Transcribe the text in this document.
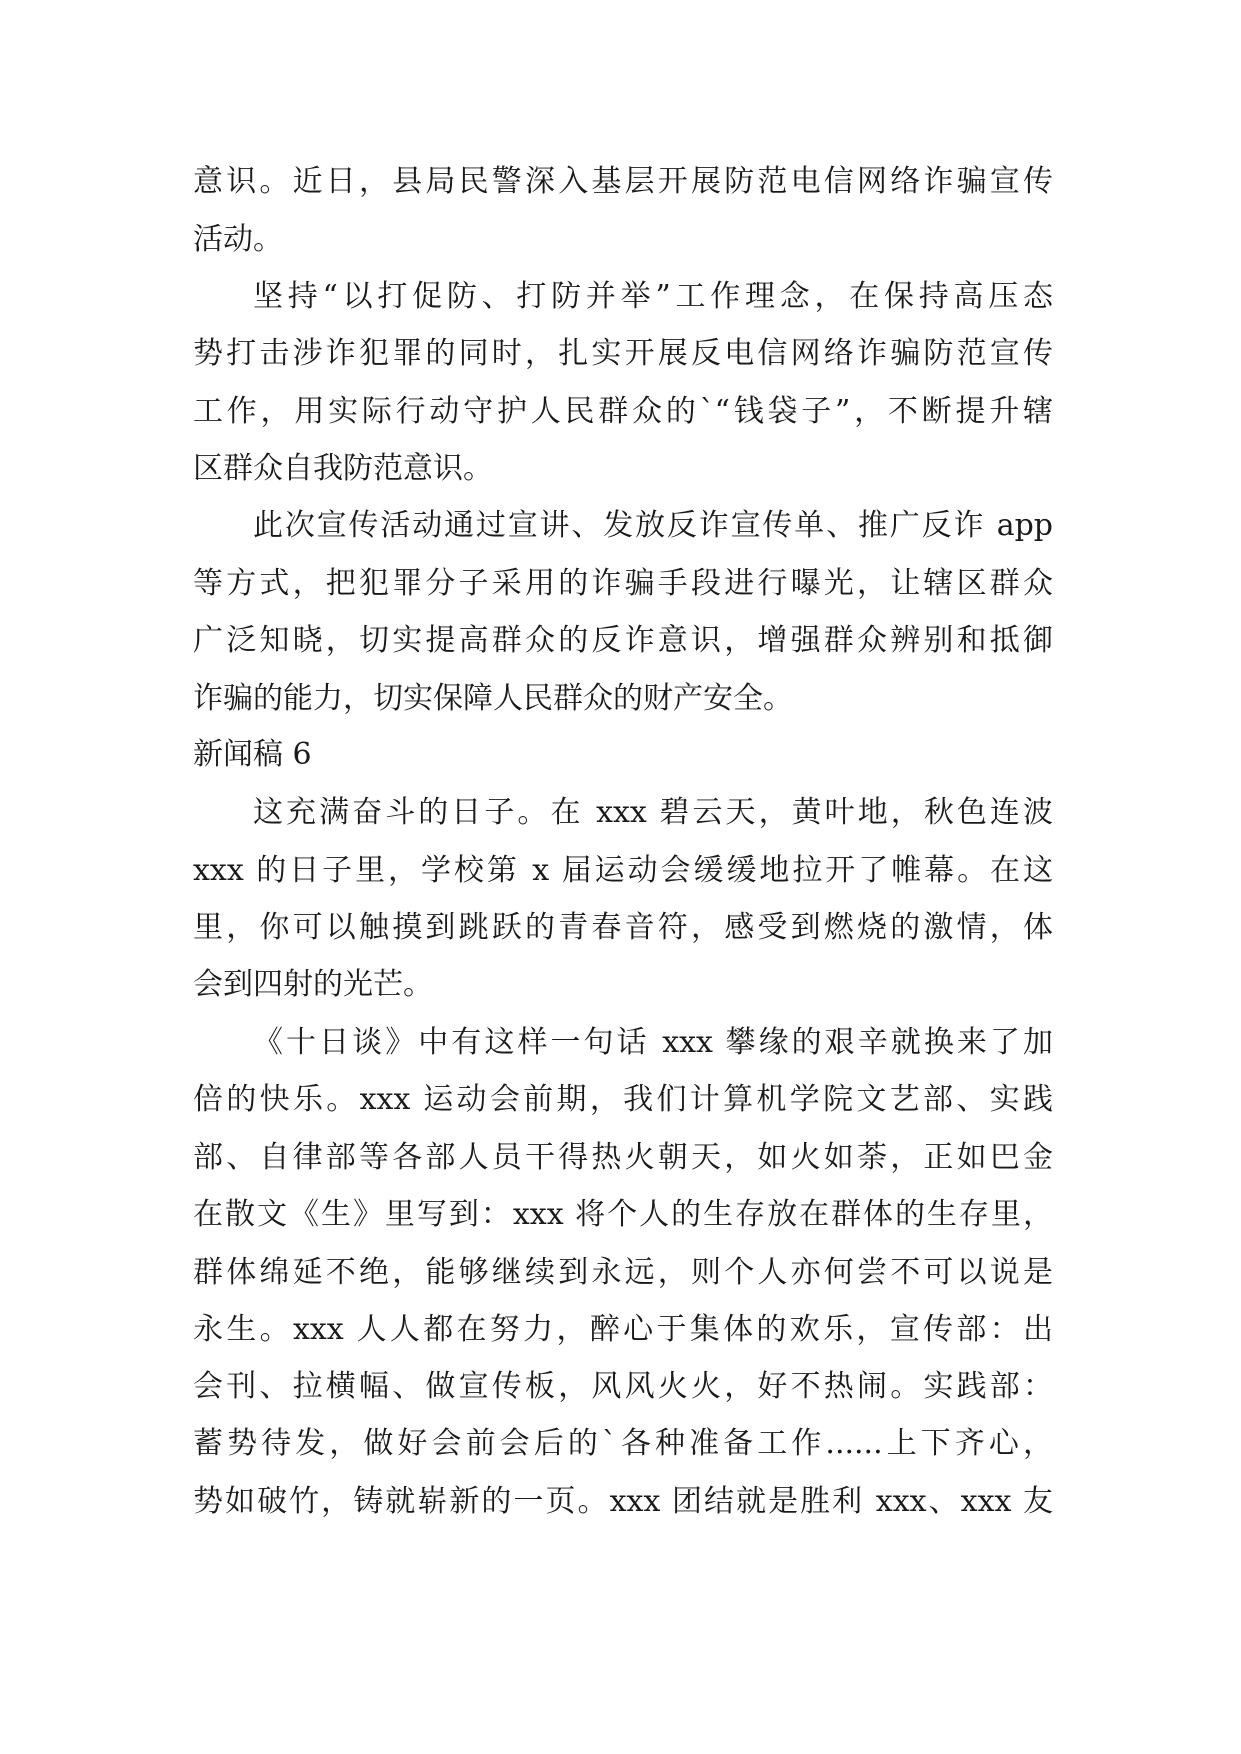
意识。近日，县局民警深入基层开展防范电信网络诈骗宣传
活动。
坚持“以打促防、打防并举”工作理念，在保持高压态
势打击涉诈犯罪的同时，扎实开展反电信网络诈骗防范宣传
工作，用实际行动守护人民群众的`“钱袋子”，不断提升辖
区群众自我防范意识。
此次宣传活动通过宣讲、发放反诈宣传单、推广反诈 app
等方式，把犯罪分子采用的诈骗手段进行曝光，让辖区群众
广泛知晓，切实提高群众的反诈意识，增强群众辨别和抵御
诈骗的能力，切实保障人民群众的财产安全。
新闻稿 6
这充满奋斗的日子。在 xxx 碧云天，黄叶地，秋色连波
xxx 的日子里，学校第 x 届运动会缓缓地拉开了帷幕。在这
里，你可以触摸到跳跃的青春音符，感受到燃烧的激情，体
会到四射的光芒。
《十日谈》中有这样一句话 xxx 攀缘的艰辛就换来了加
倍的快乐。xxx 运动会前期，我们计算机学院文艺部、实践
部、自律部等各部人员干得热火朝天，如火如荼，正如巴金
在散文《生》里写到：xxx 将个人的生存放在群体的生存里，
群体绵延不绝，能够继续到永远，则个人亦何尝不可以说是
永生。xxx 人人都在努力，醉心于集体的欢乐，宣传部：出
会刊、拉横幅、做宣传板，风风火火，好不热闹。实践部：
蓄势待发，做好会前会后的`各种准备工作......上下齐心，
势如破竹，铸就崭新的一页。xxx 团结就是胜利 xxx、xxx 友
